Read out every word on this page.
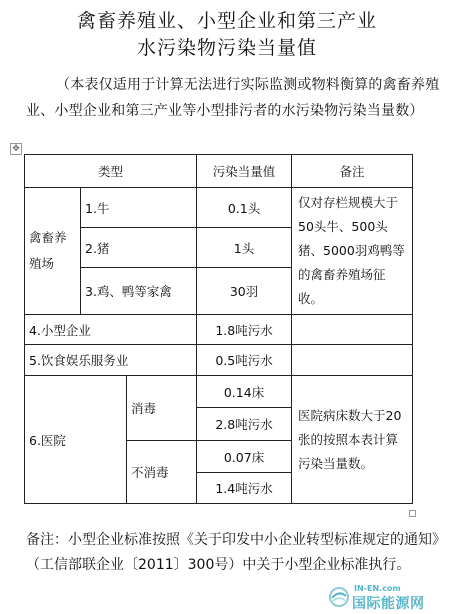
禽畜养殖业、小型企业和第三产业
水污染物污染当量值
（本表仅适用于计算无法进行实际监测或物料衡算的禽畜养殖业、小型企业和第三产业等小型排污者的水污染物污染当量数）
✥
类型			污染当量值	备注

禽畜养殖场	1.牛		0.1头	仅对存栏规模大于50头牛、500头猪、5000羽鸡鸭等的禽畜养殖场征收。

	2.猪		1头	
	3.鸡、鸭等家禽		30羽	
4.小型企业			1.8吨污水	
5.饮食娱乐服务业			0.5吨污水	
6.医院		消毒	0.14床	医院病床数大于20张的按照本表计算污染当量数。

			2.8吨污水	
		不消毒	0.07床	
			1.4吨污水	
备注：小型企业标准按照《关于印发中小企业转型标准规定的通知》（工信部联企业〔2011〕300号）中关于小型企业标准执行。
IN-EN.com
国际能源网
